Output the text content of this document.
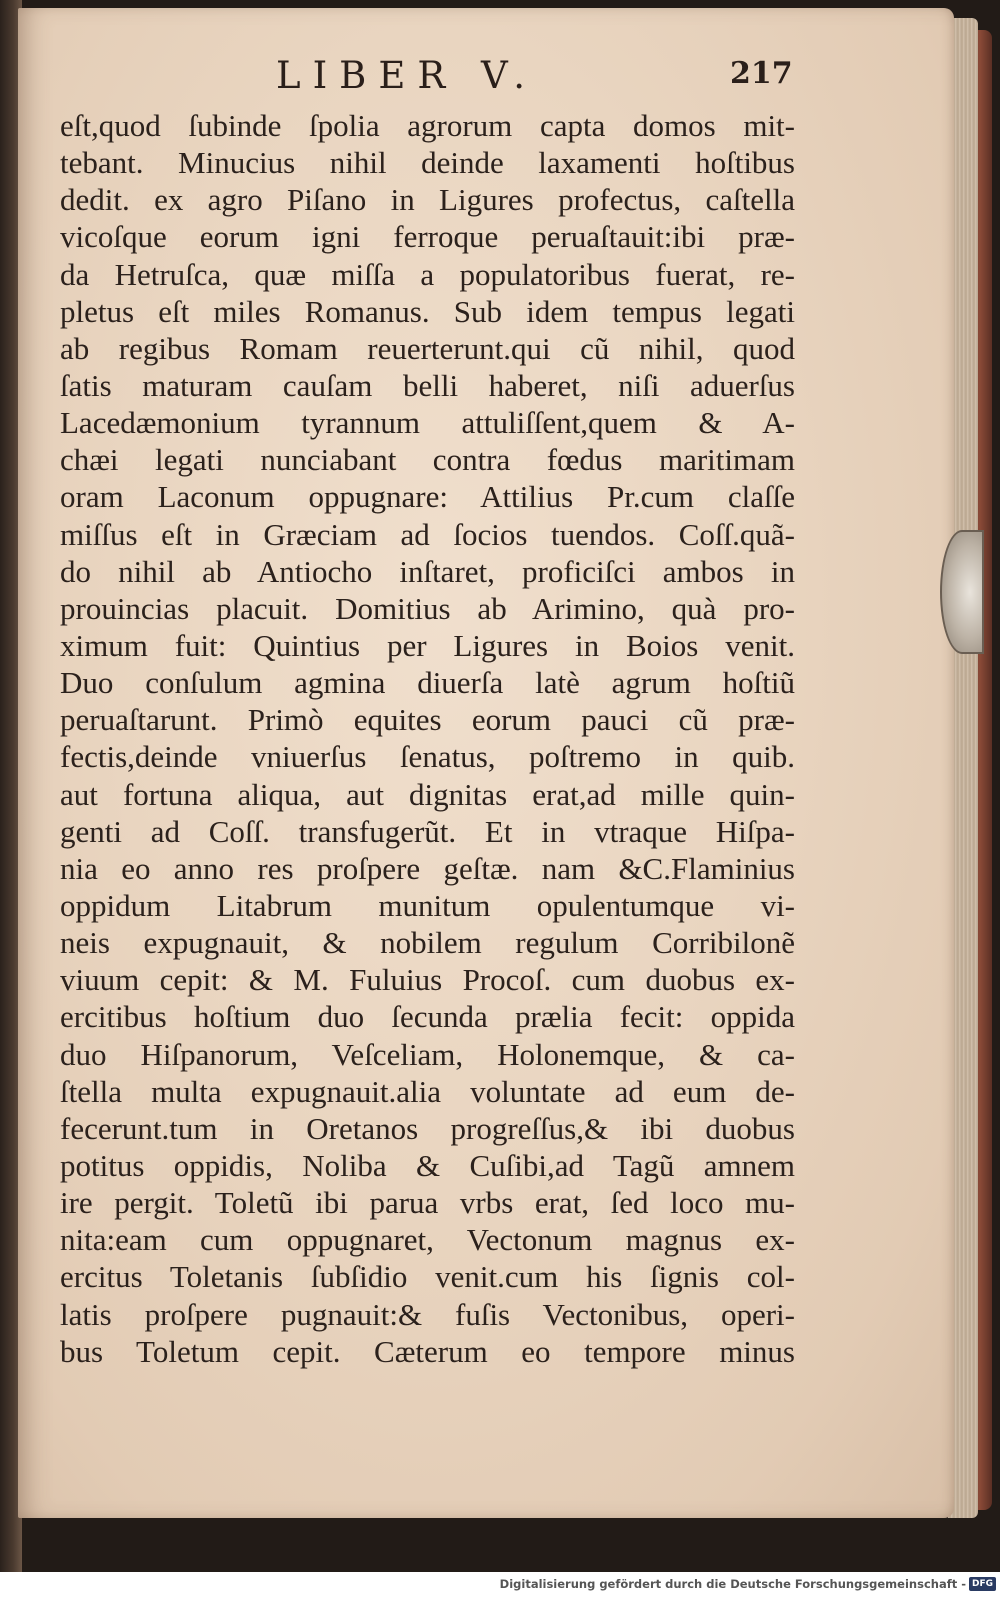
LIBER V.	217
eſt,quod ſubinde ſpolia agrorum capta domos mit-
tebant. Minucius nihil deinde laxamenti hoſtibus
dedit. ex agro Piſano in Ligures profectus, caſtella
vicoſque eorum igni ferroque peruaſtauit:ibi præ-
da Hetruſca, quæ miſſa a populatoribus fuerat, re-
pletus eſt miles Romanus. Sub idem tempus legati
ab regibus Romam reuerterunt.qui cũ nihil, quod
ſatis maturam cauſam belli haberet, niſi aduerſus
Lacedæmonium tyrannum attuliſſent,quem & A-
chæi legati nunciabant contra fœdus maritimam
oram Laconum oppugnare: Attilius Pr.cum claſſe
miſſus eſt in Græciam ad ſocios tuendos. Coſſ.quã-
do nihil ab Antiocho inſtaret, proficiſci ambos in
prouincias placuit. Domitius ab Arimino, quà pro-
ximum fuit: Quintius per Ligures in Boios venit.
Duo conſulum agmina diuerſa latè agrum hoſtiũ
peruaſtarunt. Primò equites eorum pauci cũ præ-
fectis,deinde vniuerſus ſenatus, poſtremo in quib.
aut fortuna aliqua, aut dignitas erat,ad mille quin-
genti ad Coſſ. transfugerũt. Et in vtraque Hiſpa-
nia eo anno res proſpere geſtæ. nam &C.Flaminius
oppidum Litabrum munitum opulentumque vi-
neis expugnauit, & nobilem regulum Corribilonẽ
viuum cepit: & M. Fuluius Procoſ. cum duobus ex-
ercitibus hoſtium duo ſecunda prælia fecit: oppida
duo Hiſpanorum, Veſceliam, Holonemque, & ca-
ſtella multa expugnauit.alia voluntate ad eum de-
fecerunt.tum in Oretanos progreſſus,& ibi duobus
potitus oppidis, Noliba & Cuſibi,ad Tagũ amnem
ire pergit. Toletũ ibi parua vrbs erat, ſed loco mu-
nita:eam cum oppugnaret, Vectonum magnus ex-
ercitus Toletanis ſubſidio venit.cum his ſignis col-
latis proſpere pugnauit:& fuſis Vectonibus, operi-
bus Toletum cepit. Cæterum eo tempore minus
Digitalisierung gefördert durch die Deutsche Forschungsgemeinschaft - DFG
